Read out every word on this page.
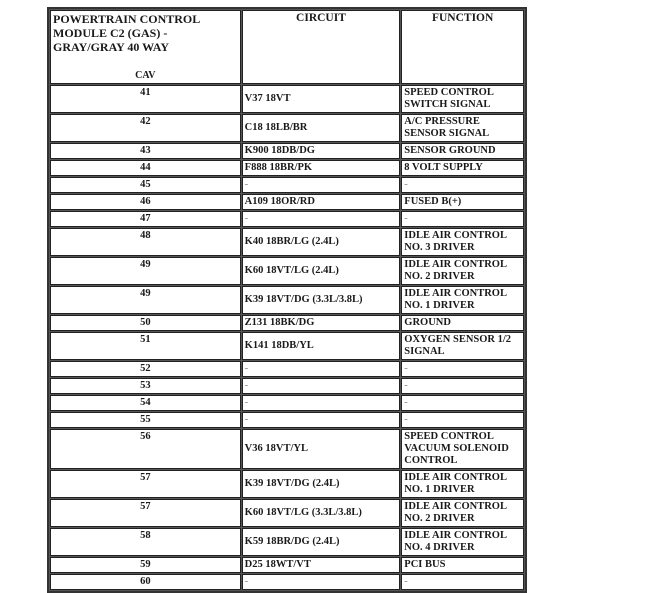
POWERTRAIN CONTROL MODULE C2 (GAS) - GRAY/GRAY 40 WAY
CAV	CIRCUIT	FUNCTION
41	V37 18VT	SPEED CONTROL SWITCH SIGNAL
42	C18 18LB/BR	A/C PRESSURE SENSOR SIGNAL
43	K900 18DB/DG	SENSOR GROUND
44	F888 18BR/PK	8 VOLT SUPPLY
45	-	-
46	A109 18OR/RD	FUSED B(+)
47	-	-
48	K40 18BR/LG (2.4L)	IDLE AIR CONTROL NO. 3 DRIVER
49	K60 18VT/LG (2.4L)	IDLE AIR CONTROL NO. 2 DRIVER
49	K39 18VT/DG (3.3L/3.8L)	IDLE AIR CONTROL NO. 1 DRIVER
50	Z131 18BK/DG	GROUND
51	K141 18DB/YL	OXYGEN SENSOR 1/2 SIGNAL
52	-	-
53	-	-
54	-	-
55	-	-
56	V36 18VT/YL	SPEED CONTROL VACUUM SOLENOID CONTROL
57	K39 18VT/DG (2.4L)	IDLE AIR CONTROL NO. 1 DRIVER
57	K60 18VT/LG (3.3L/3.8L)	IDLE AIR CONTROL NO. 2 DRIVER
58	K59 18BR/DG (2.4L)	IDLE AIR CONTROL NO. 4 DRIVER
59	D25 18WT/VT	PCI BUS
60	-	-
